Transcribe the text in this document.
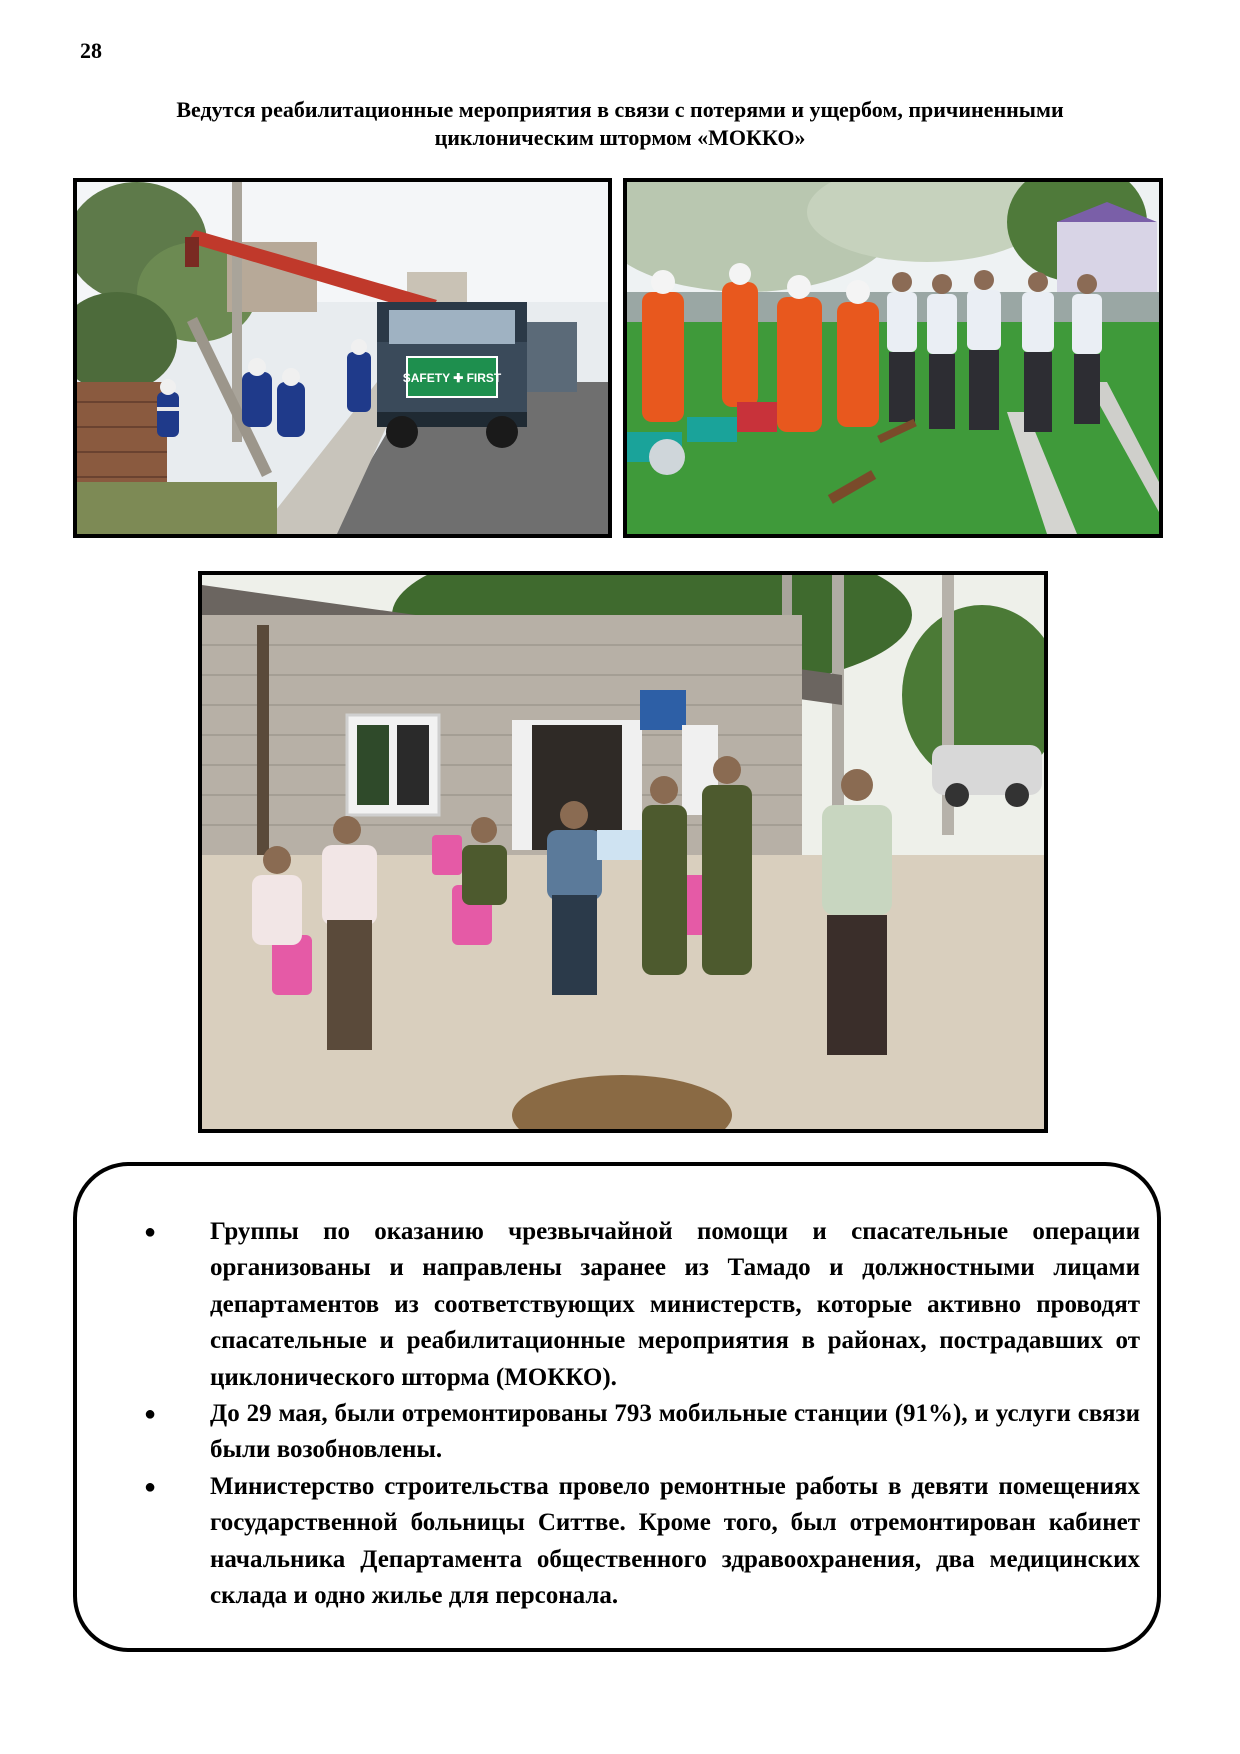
28
Ведутся реабилитационные мероприятия в связи с потерями и ущербом, причиненными
циклоническим штормом «МОККО»
SAFETY ✚ FIRST
● Группы по оказанию чрезвычайной помощи и спасательные операции организованы и направлены заранее из Тамадо и должностными лицами департаментов из соответствующих министерств, которые активно проводят спасательные и реабилитационные мероприятия в районах, пострадавших от циклонического шторма (МОККО).
● До 29 мая, были отремонтированы 793 мобильные станции (91%), и услуги связи были возобновлены.
● Министерство строительства провело ремонтные работы в девяти помещениях государственной больницы Ситтве. Кроме того, был отремонтирован кабинет начальника Департамента общественного здравоохранения, два медицинских склада и одно жилье для персонала.
